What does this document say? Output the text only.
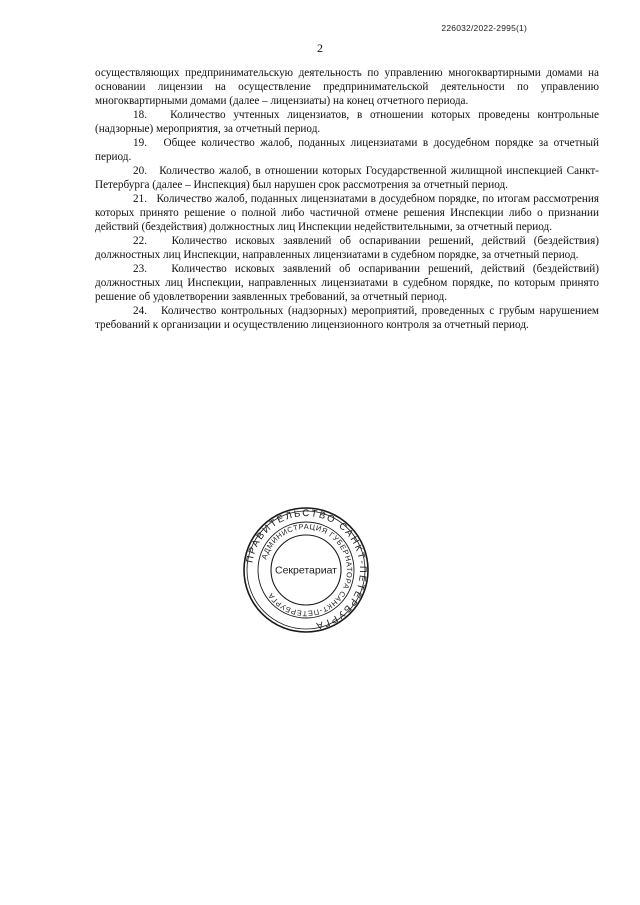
226032/2022-2995(1)
2

осуществляющих предпринимательскую деятельность по управлению многоквартирными домами на основании лицензии на осуществление предпринимательской деятельности по управлению многоквартирными домами (далее – лицензиаты) на конец отчетного периода.

18.   Количество учтенных лицензиатов, в отношении которых проведены контрольные (надзорные) мероприятия, за отчетный период.

19.   Общее количество жалоб, поданных лицензиатами в досудебном порядке за отчетный период.

20.   Количество жалоб, в отношении которых Государственной жилищной инспекцией Санкт-Петербурга (далее – Инспекция) был нарушен срок рассмотрения за отчетный период.

21.   Количество жалоб, поданных лицензиатами в досудебном порядке, по итогам рассмотрения которых принято решение о полной либо частичной отмене решения Инспекции либо о признании действий (бездействия) должностных лиц Инспекции недействительными, за отчетный период.

22.   Количество исковых заявлений об оспаривании решений, действий (бездействия) должностных лиц Инспекции, направленных лицензиатами в судебном порядке, за отчетный период.

23.   Количество исковых заявлений об оспаривании решений, действий (бездействий) должностных лиц Инспекции, направленных лицензиатами в судебном порядке, по которым принято решение об удовлетворении заявленных требований, за отчетный период.

24.   Количество контрольных (надзорных) мероприятий, проведенных с грубым нарушением требований к организации и осуществлению лицензионного контроля за отчетный период.

ПРАВИТЕЛЬСТВО САНКТ-ПЕТЕРБУРГА
АДМИНИСТРАЦИЯ ГУБЕРНАТОРА САНКТ-ПЕТЕРБУРГА
Секретариат
